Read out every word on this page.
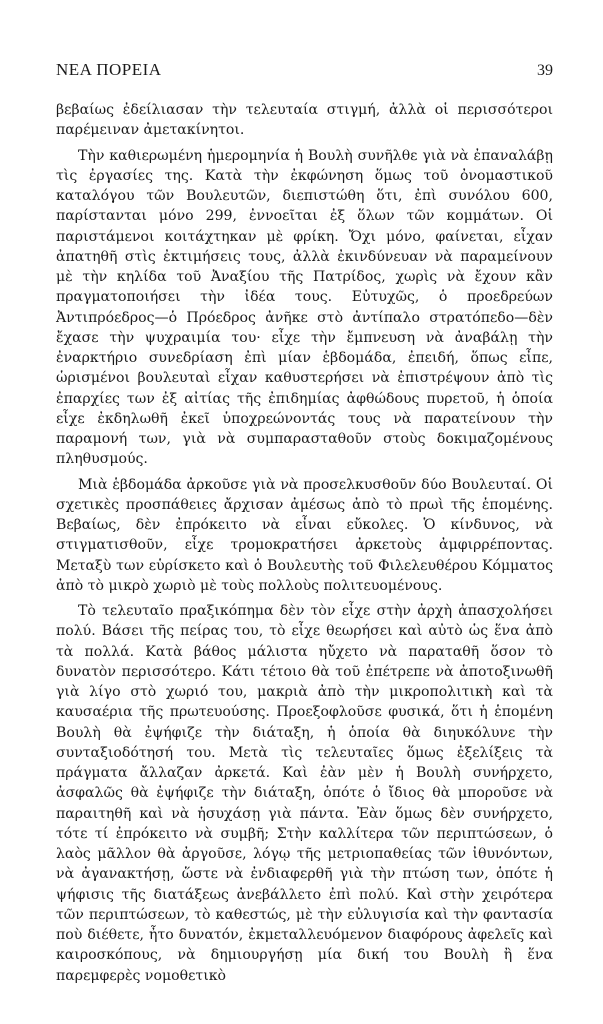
ΝΕΑ ΠΟΡΕΙΑ	39

βεβαίως ἐδείλιασαν τὴν τελευταία στιγμή, ἀλλὰ οἱ περισσότεροι παρέμειναν ἀμετακίνητοι.

Τὴν καθιερωμένη ἡμερομηνία ἡ Βουλὴ συνῆλθε γιὰ νὰ ἐπαναλάβῃ τὶς ἐργασίες της. Κατὰ τὴν ἐκφώνηση ὅμως τοῦ ὀνομαστικοῦ καταλόγου τῶν Βουλευτῶν, διεπιστώθη ὅτι, ἐπὶ συνόλου 600, παρίστανται μόνο 299, ἐννοεῖται ἐξ ὅλων τῶν κομμάτων. Οἱ παριστάμενοι κοιτάχτηκαν μὲ φρίκη. Ὄχι μόνο, φαίνεται, εἶχαν ἀπατηθῆ στὶς ἐκτιμήσεις τους, ἀλλὰ ἐκινδύνευαν νὰ παραμείνουν μὲ τὴν κηλίδα τοῦ Ἀναξίου τῆς Πατρίδος, χωρὶς νὰ ἔχουν κἂν πραγματοποιήσει τὴν ἰδέα τους. Εὐτυχῶς, ὁ προεδρεύων Ἀντιπρόεδρος—ὁ Πρόεδρος ἀνῆκε στὸ ἀντίπαλο στρατόπεδο—δὲν ἔχασε τὴν ψυχραιμία του· εἶχε τὴν ἔμπνευση νὰ ἀναβάλῃ τὴν ἐναρκτήριο συνεδρίαση ἐπὶ μίαν ἑβδομάδα, ἐπειδή, ὅπως εἶπε, ὡρισμένοι βουλευταὶ εἶχαν καθυστερήσει νὰ ἐπιστρέψουν ἀπὸ τὶς ἐπαρχίες των ἐξ αἰτίας τῆς ἐπιδημίας ἀφθώδους πυρετοῦ, ἡ ὁποία εἶχε ἐκδηλωθῆ ἐκεῖ ὑποχρεώνοντάς τους νὰ παρατείνουν τὴν παραμονή των, γιὰ νὰ συμπαρασταθοῦν στοὺς δοκιμαζομένους πληθυσμούς.

Μιὰ ἑβδομάδα ἀρκοῦσε γιὰ νὰ προσελκυσθοῦν δύο Βουλευταί. Οἱ σχετικὲς προσπάθειες ἄρχισαν ἀμέσως ἀπὸ τὸ πρωὶ τῆς ἑπομένης. Βεβαίως, δὲν ἐπρόκειτο νὰ εἶναι εὔκολες. Ὁ κίνδυνος, νὰ στιγματισθοῦν, εἶχε τρομοκρατήσει ἀρκετοὺς ἀμφιρρέποντας. Μεταξὺ των εὑρίσκετο καὶ ὁ Βουλευτὴς τοῦ Φιλελευθέρου Κόμματος ἀπὸ τὸ μικρὸ χωριὸ μὲ τοὺς πολλοὺς πολιτευομένους.

Τὸ τελευταῖο πραξικόπημα δὲν τὸν εἶχε στὴν ἀρχὴ ἀπασχολήσει πολύ. Βάσει τῆς πείρας του, τὸ εἶχε θεωρήσει καὶ αὐτὸ ὡς ἕνα ἀπὸ τὰ πολλά. Κατὰ βάθος μάλιστα ηὔχετο νὰ παραταθῆ ὅσον τὸ δυνατὸν περισσότερο. Κάτι τέτοιο θὰ τοῦ ἐπέτρεπε νὰ ἀποτοξινωθῆ γιὰ λίγο στὸ χωριό του, μακριὰ ἀπὸ τὴν μικροπολιτικὴ καὶ τὰ καυσαέρια τῆς πρωτευούσης. Προεξοφλοῦσε φυσικά, ὅτι ἡ ἑπομένη Βουλὴ θὰ ἐψήφιζε τὴν διάταξη, ἡ ὁποία θὰ διηυκόλυνε τὴν συνταξιοδότησή του. Μετὰ τὶς τελευταῖες ὅμως ἐξελίξεις τὰ πράγματα ἄλλαζαν ἀρκετά. Καὶ ἐὰν μὲν ἡ Βουλὴ συνήρχετο, ἀσφαλῶς θὰ ἐψήφιζε τὴν διάταξη, ὁπότε ὁ ἴδιος θὰ μποροῦσε νὰ παραιτηθῆ καὶ νὰ ἡσυχάσῃ γιὰ πάντα. Ἐὰν ὅμως δὲν συνήρχετο, τότε τί ἐπρόκειτο νὰ συμβῆ; Στὴν καλλίτερα τῶν περιπτώσεων, ὁ λαὸς μᾶλλον θὰ ἀργοῦσε, λόγῳ τῆς μετριοπαθείας τῶν ἰθυνόντων, νὰ ἀγανακτήσῃ, ὥστε νὰ ἐνδιαφερθῆ γιὰ τὴν πτώση των, ὁπότε ἡ ψήφισις τῆς διατάξεως ἀνεβάλλετο ἐπὶ πολύ. Καὶ στὴν χειρότερα τῶν περιπτώσεων, τὸ καθεστώς, μὲ τὴν εὐλυγισία καὶ τὴν φαντασία ποὺ διέθετε, ἦτο δυνατόν, ἐκμεταλλευόμενον διαφόρους ἀφελεῖς καὶ καιροσκόπους, νὰ δημιουργήσῃ μία δική του Βουλὴ ἢ ἕνα παρεμφερὲς νομοθετικὸ
